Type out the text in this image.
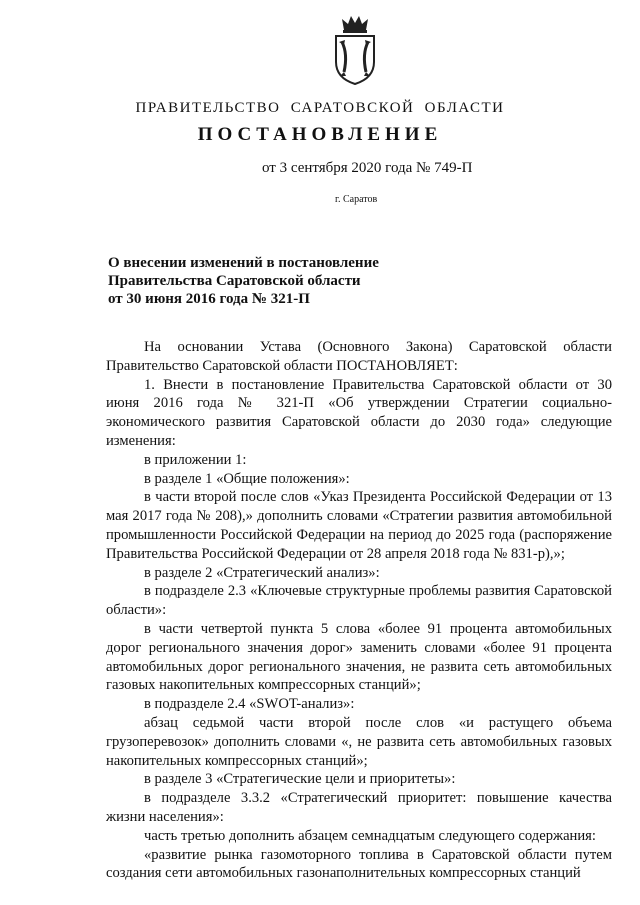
ПРАВИТЕЛЬСТВО САРАТОВСКОЙ ОБЛАСТИ
ПОСТАНОВЛЕНИЕ
от 3 сентября 2020 года № 749-П
г. Саратов
О внесении изменений в постановление
Правительства Саратовской области
от 30 июня 2016 года № 321-П

На основании Устава (Основного Закона) Саратовской области Правительство Саратовской области ПОСТАНОВЛЯЕТ:

1. Внести в постановление Правительства Саратовской области от 30 июня 2016 года № 321-П «Об утверждении Стратегии социально-экономического развития Саратовской области до 2030 года» следующие изменения:

в приложении 1:

в разделе 1 «Общие положения»:

в части второй после слов «Указ Президента Российской Федерации от 13 мая 2017 года № 208),» дополнить словами «Стратегии развития автомобильной промышленности Российской Федерации на период до 2025 года (распоряжение Правительства Российской Федерации от 28 апреля 2018 года № 831-р),»;

в разделе 2 «Стратегический анализ»:

в подразделе 2.3 «Ключевые структурные проблемы развития Саратовской области»:

в части четвертой пункта 5 слова «более 91 процента автомобильных дорог регионального значения дорог» заменить словами «более 91 процента автомобильных дорог регионального значения, не развита сеть автомобильных газовых накопительных компрессорных станций»;

в подразделе 2.4 «SWOT-анализ»:

абзац седьмой части второй после слов «и растущего объема грузоперевозок» дополнить словами «, не развита сеть автомобильных газовых накопительных компрессорных станций»;

в разделе 3 «Стратегические цели и приоритеты»:

в подразделе 3.3.2 «Стратегический приоритет: повышение качества жизни населения»:

часть третью дополнить абзацем семнадцатым следующего содержания:

«развитие рынка газомоторного топлива в Саратовской области путем создания сети автомобильных газонаполнительных компрессорных станций
